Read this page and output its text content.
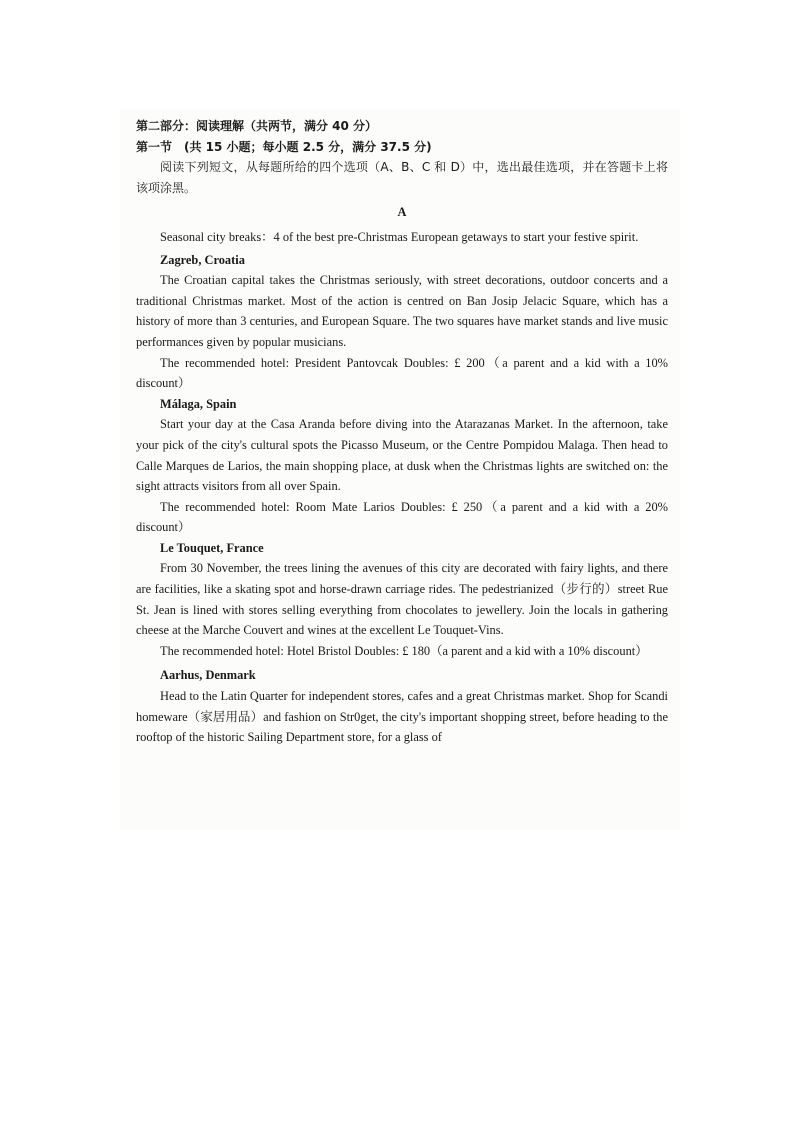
第二部分：阅读理解（共两节，满分 40 分）
第一节　(共 15 小题；每小题 2.5 分，满分 37.5 分)

阅读下列短文，从每题所给的四个选项（A、B、C 和 D）中，选出最佳选项，并在答题卡上将该项涂黑。

A

Seasonal city breaks：4 of the best pre-Christmas European getaways to start your festive spirit.

Zagreb, Croatia

The Croatian capital takes the Christmas seriously, with street decorations, outdoor concerts and a traditional Christmas market. Most of the action is centred on Ban Josip Jelacic Square, which has a history of more than 3 centuries, and European Square. The two squares have market stands and live music performances given by popular musicians.

The recommended hotel: President Pantovcak Doubles: £ 200（a parent and a kid with a 10% discount）

Málaga, Spain

Start your day at the Casa Aranda before diving into the Atarazanas Market. In the afternoon, take your pick of the city's cultural spots the Picasso Museum, or the Centre Pompidou Malaga. Then head to Calle Marques de Larios, the main shopping place, at dusk when the Christmas lights are switched on: the sight attracts visitors from all over Spain.

The recommended hotel: Room Mate Larios Doubles: £ 250（a parent and a kid with a 20% discount）

Le Touquet, France

From 30 November, the trees lining the avenues of this city are decorated with fairy lights, and there are facilities, like a skating spot and horse-drawn carriage rides. The pedestrianized（步行的）street Rue St. Jean is lined with stores selling everything from chocolates to jewellery. Join the locals in gathering cheese at the Marche Couvert and wines at the excellent Le Touquet-Vins.

The recommended hotel: Hotel Bristol Doubles: £ 180（a parent and a kid with a 10% discount）

Aarhus, Denmark

Head to the Latin Quarter for independent stores, cafes and a great Christmas market. Shop for Scandi homeware（家居用品）and fashion on Str0get, the city's important shopping street, before heading to the rooftop of the historic Sailing Department store, for a glass of
